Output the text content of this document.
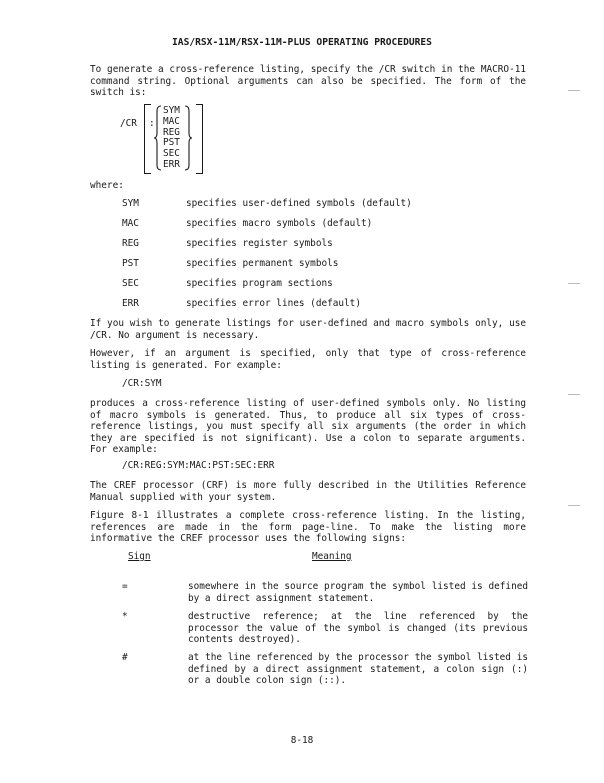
IAS/RSX-11M/RSX-11M-PLUS OPERATING PROCEDURES
To generate a cross-reference listing, specify the /CR switch in the MACRO-11 command string. Optional arguments can also be specified. The form of the switch is:
/CR :
SYM
MAC
REG
PST
SEC
ERR
where:
SYM	specifies user-defined symbols (default)
MAC	specifies macro symbols (default)
REG	specifies register symbols
PST	specifies permanent symbols
SEC	specifies program sections
ERR	specifies error lines (default)
If you wish to generate listings for user-defined and macro symbols only, use /CR. No argument is necessary.
However, if an argument is specified, only that type of cross-reference listing is generated. For example:
/CR:SYM
produces a cross-reference listing of user-defined symbols only. No listing of macro symbols is generated. Thus, to produce all six types of cross-reference listings, you must specify all six arguments (the order in which they are specified is not significant). Use a colon to separate arguments. For example:
/CR:REG:SYM:MAC:PST:SEC:ERR
The CREF processor (CRF) is more fully described in the Utilities Reference Manual supplied with your system.
Figure 8-1 illustrates a complete cross-reference listing. In the listing, references are made in the form page-line. To make the listing more informative the CREF processor uses the following signs:
Sign	Meaning
=	somewhere in the source program the symbol listed is defined by a direct assignment statement.
*	destructive reference; at the line referenced by the processor the value of the symbol is changed (its previous contents destroyed).
#	at the line referenced by the processor the symbol listed is defined by a direct assignment statement, a colon sign (:) or a double colon sign (::).
8-18
